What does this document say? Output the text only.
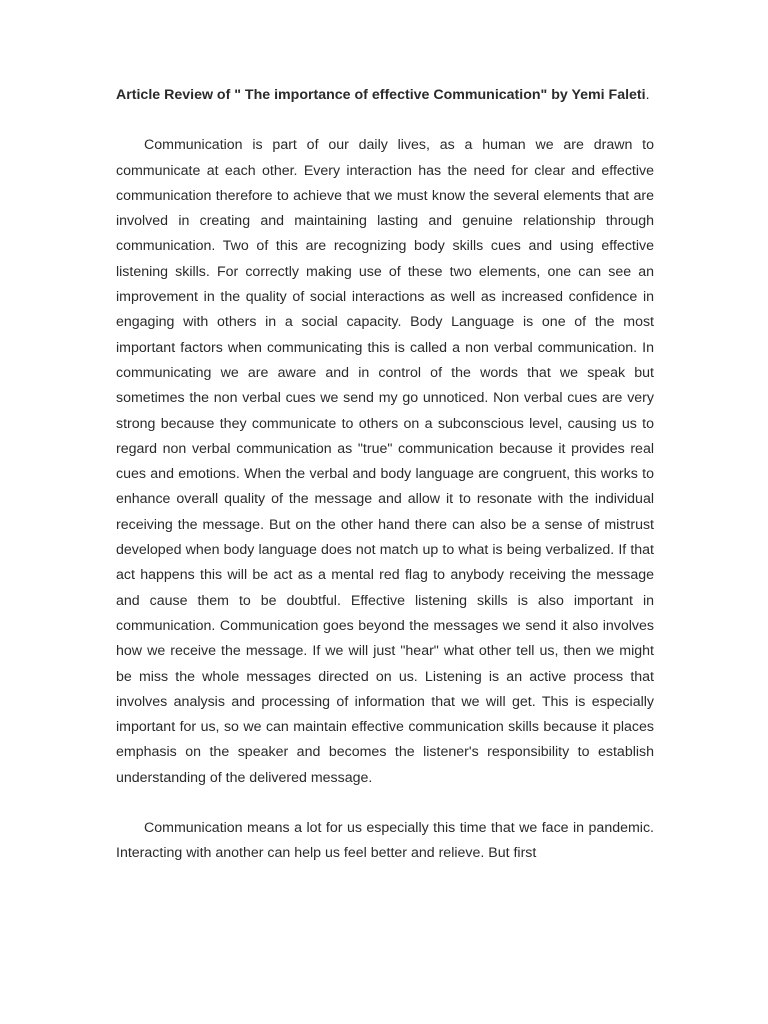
Article Review of " The importance of effective Communication" by Yemi Faleti.

Communication is part of our daily lives, as a human we are drawn to communicate at each other. Every interaction has the need for clear and effective communication therefore to achieve that we must know the several elements that are involved in creating and maintaining lasting and genuine relationship through communication. Two of this are recognizing body skills cues and using effective listening skills. For correctly making use of these two elements, one can see an improvement in the quality of social interactions as well as increased confidence in engaging with others in a social capacity. Body Language is one of the most important factors when communicating this is called a non verbal communication. In communicating we are aware and in control of the words that we speak but sometimes the non verbal cues we send my go unnoticed. Non verbal cues are very strong because they communicate to others on a subconscious level, causing us to regard non verbal communication as "true" communication because it provides real cues and emotions. When the verbal and body language are congruent, this works to enhance overall quality of the message and allow it to resonate with the individual receiving the message. But on the other hand there can also be a sense of mistrust developed when body language does not match up to what is being verbalized. If that act happens this will be act as a mental red flag to anybody receiving the message and cause them to be doubtful. Effective listening skills is also important in communication. Communication goes beyond the messages we send it also involves how we receive the message. If we will just "hear" what other tell us, then we might be miss the whole messages directed on us. Listening is an active process that involves analysis and processing of information that we will get. This is especially important for us, so we can maintain effective communication skills because it places emphasis on the speaker and becomes the listener's responsibility to establish understanding of the delivered message.

Communication means a lot for us especially this time that we face in pandemic. Interacting with another can help us feel better and relieve. But first
